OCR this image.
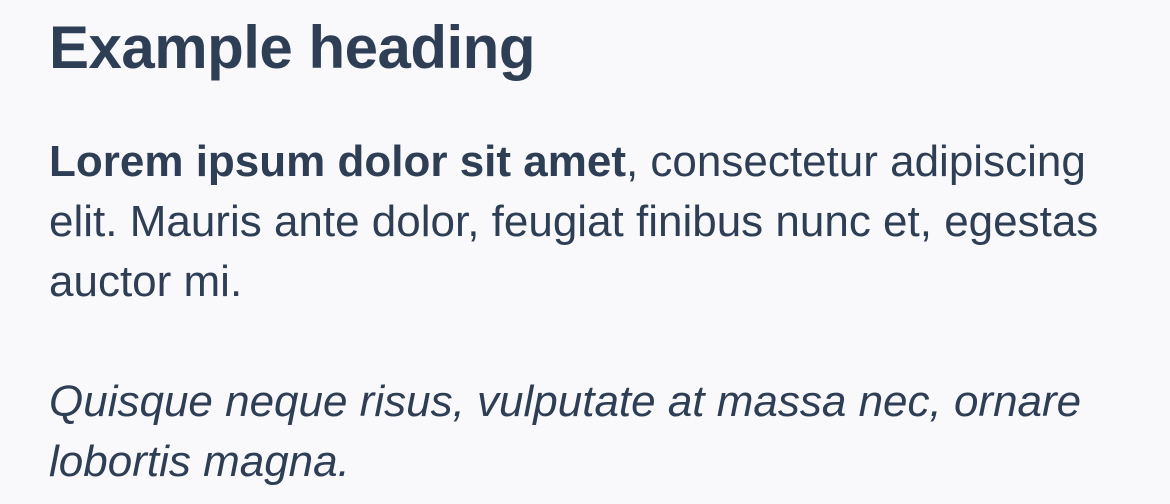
Example heading

Lorem ipsum dolor sit amet, consectetur adipiscing elit. Mauris ante dolor, feugiat finibus nunc et, egestas auctor mi.

Quisque neque risus, vulputate at massa nec, ornare lobortis magna.
